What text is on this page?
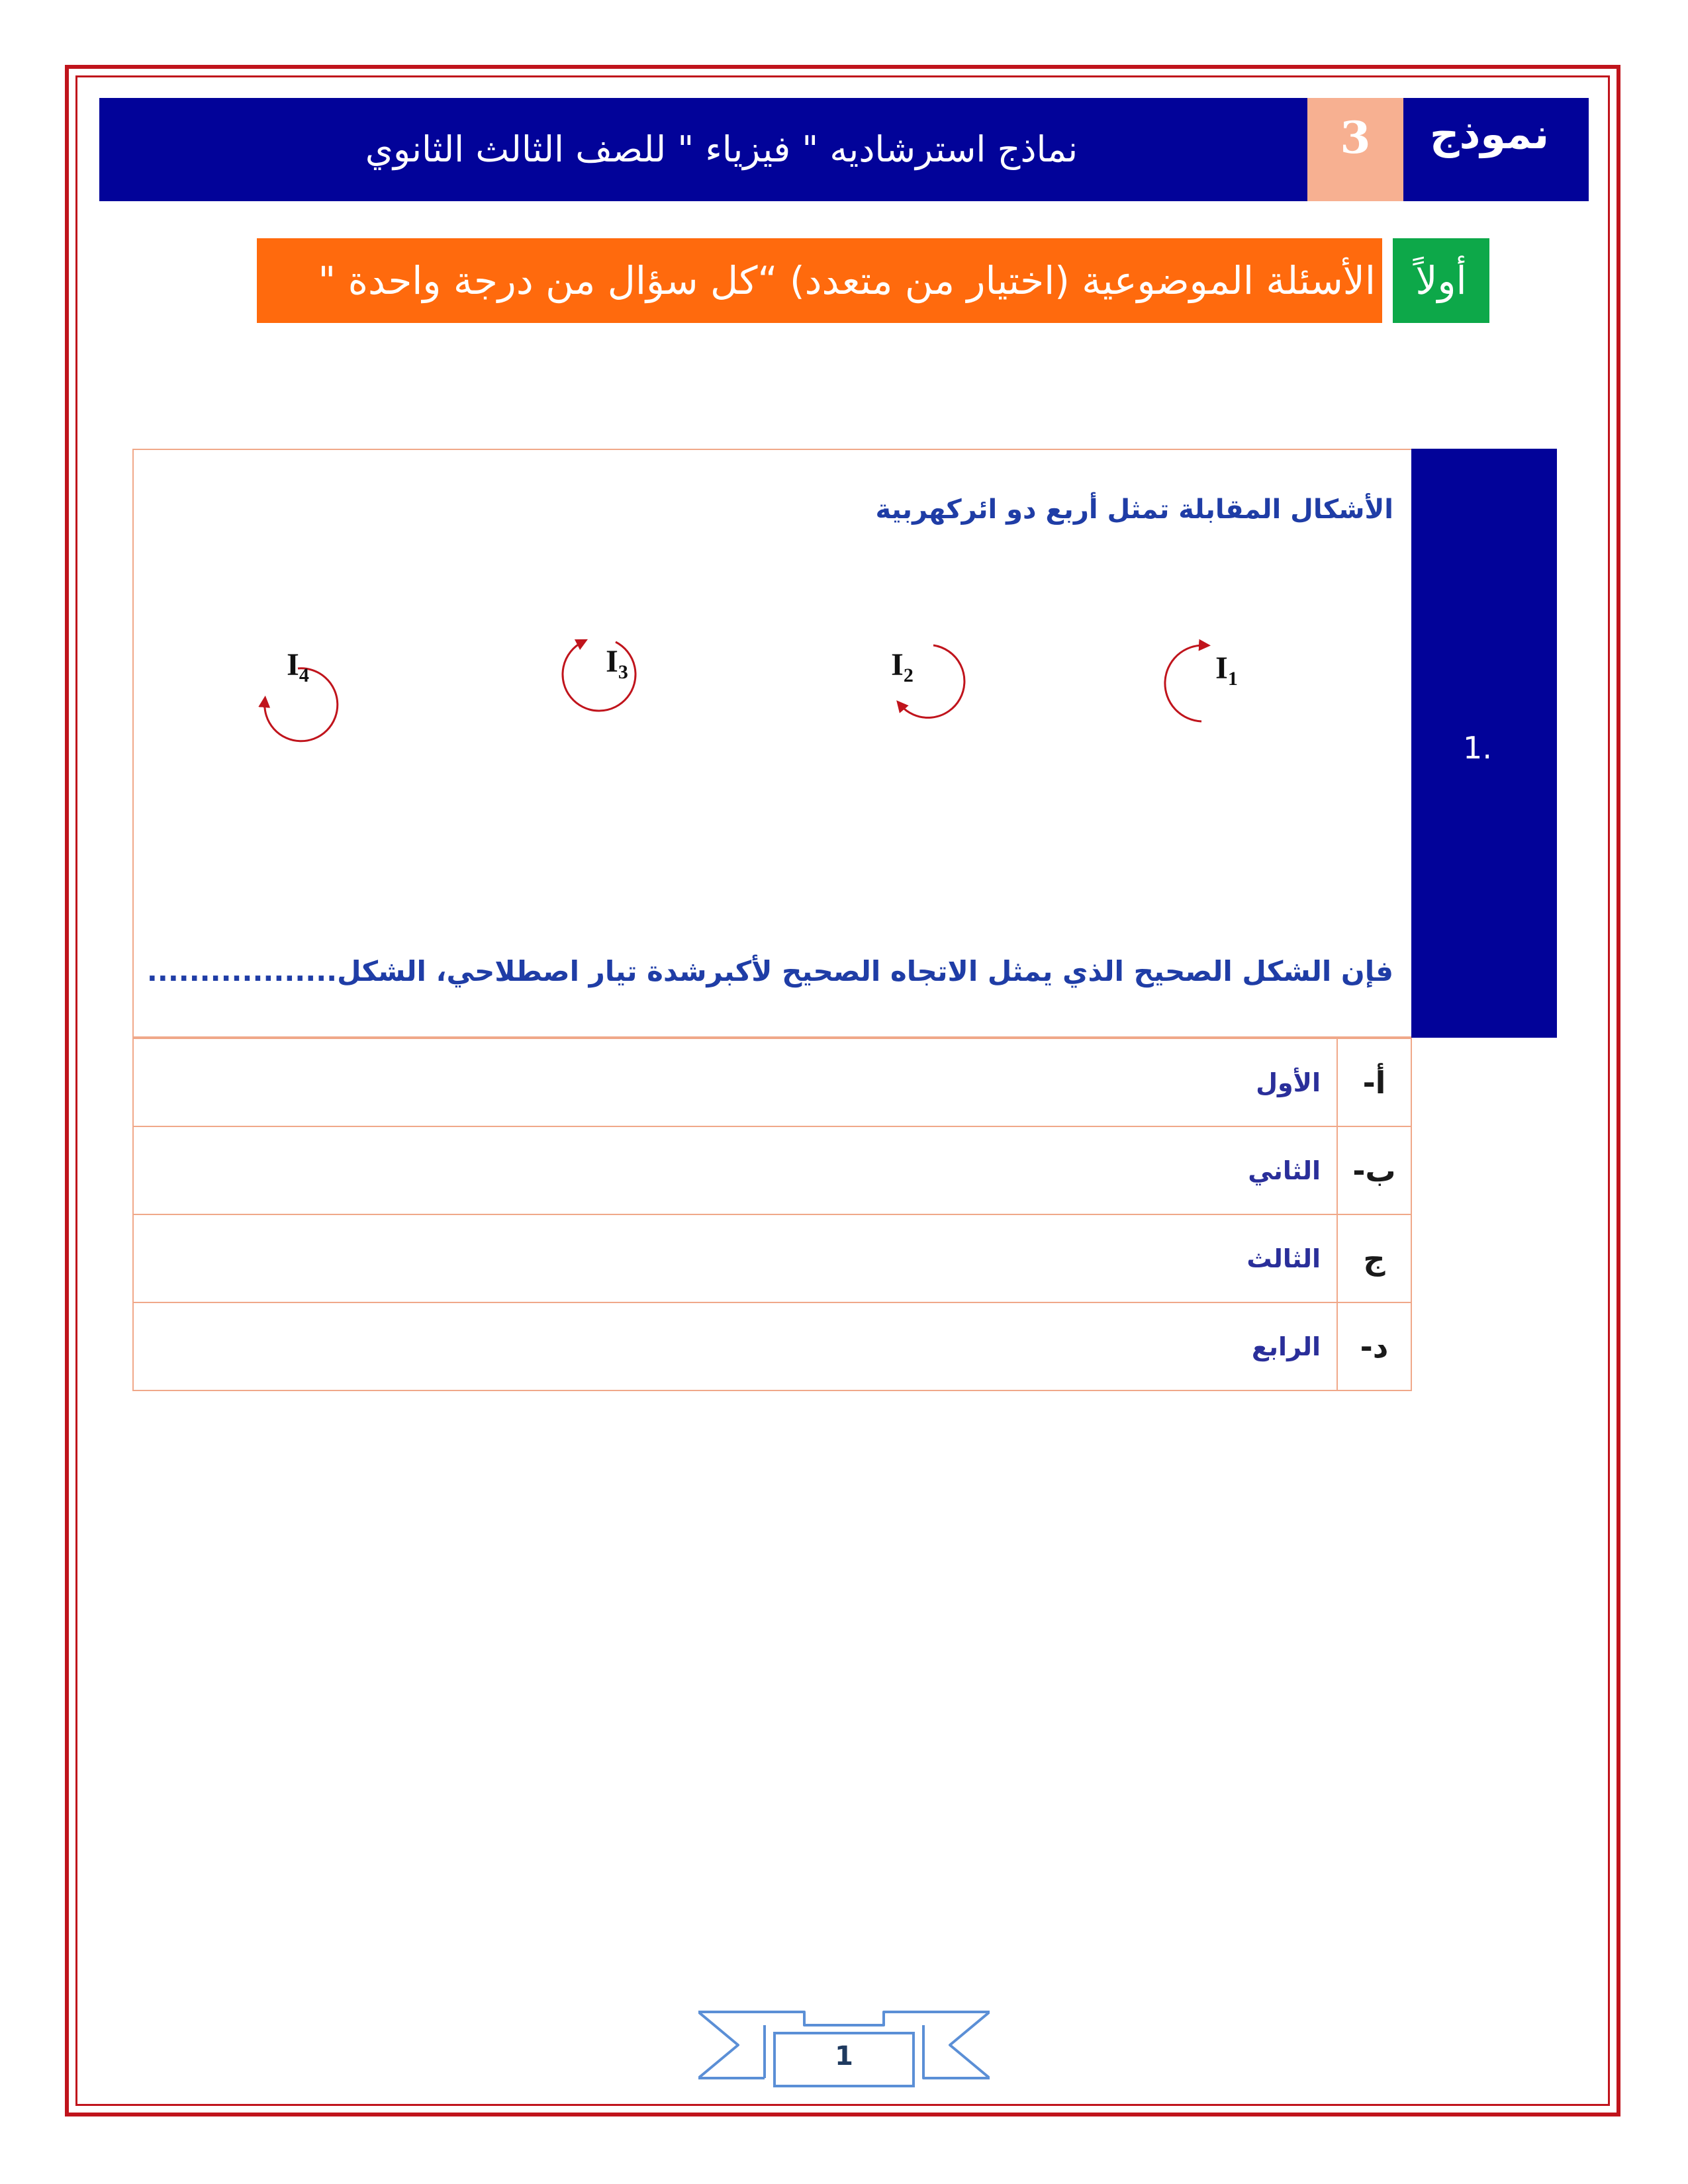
نماذج استرشاديه " فيزياء " للصف الثالث الثانوي	3	نموذج
الأسئلة الموضوعية (اختيار من متعدد) “كل سؤال من درجة واحدة "	أولاً
1.
الأشكال المقابلة تمثل أربع دو ائركهربية
فإن الشكل الصحيح الذي يمثل الاتجاه الصحيح لأكبرشدة تيار اصطلاحي، الشكل..................
$I_4$	$I_3$	$I_2$	$I_1$
الأول	أ-
الثاني	ب-
الثالث	ج
الرابع	د-
1
